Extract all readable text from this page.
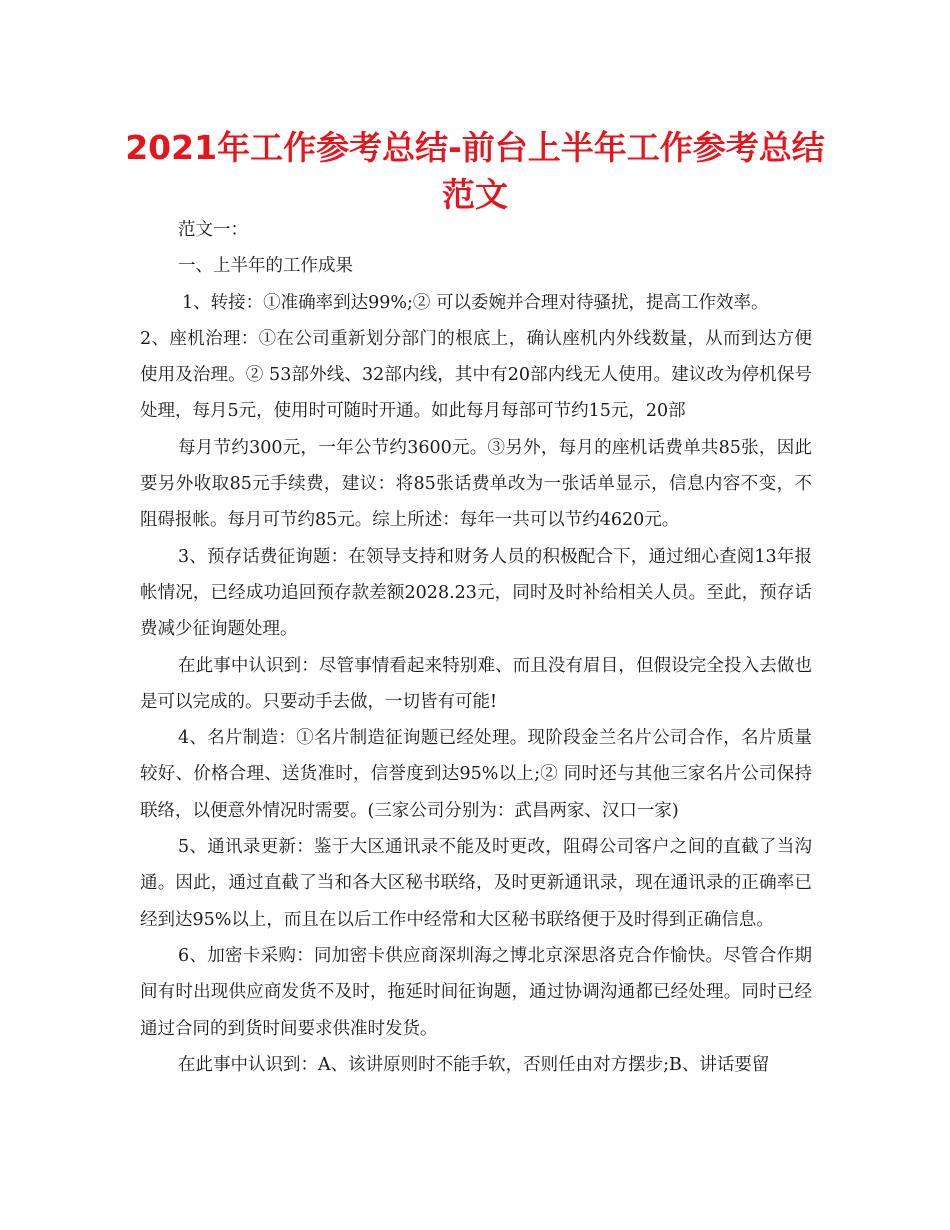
2021年工作参考总结-前台上半年工作参考总结
范文

范文一：

一、上半年的工作成果

1、转接：①准确率到达99%;② 可以委婉并合理对待骚扰，提高工作效率。

2、座机治理：①在公司重新划分部门的根底上，确认座机内外线数量，从而到达方便使用及治理。② 53部外线、32部内线，其中有20部内线无人使用。建议改为停机保号处理，每月5元，使用时可随时开通。如此每月每部可节约15元，20部

每月节约300元，一年公节约3600元。③另外，每月的座机话费单共85张，因此要另外收取85元手续费，建议：将85张话费单改为一张话单显示，信息内容不变，不阻碍报帐。每月可节约85元。综上所述：每年一共可以节约4620元。

3、预存话费征询题：在领导支持和财务人员的积极配合下，通过细心查阅13年报帐情况，已经成功追回预存款差额2028.23元，同时及时补给相关人员。至此，预存话费减少征询题处理。

在此事中认识到：尽管事情看起来特别难、而且没有眉目，但假设完全投入去做也是可以完成的。只要动手去做，一切皆有可能!

4、名片制造：①名片制造征询题已经处理。现阶段金兰名片公司合作，名片质量较好、价格合理、送货准时，信誉度到达95%以上;② 同时还与其他三家名片公司保持联络，以便意外情况时需要。(三家公司分别为：武昌两家、汉口一家)

5、通讯录更新：鉴于大区通讯录不能及时更改，阻碍公司客户之间的直截了当沟通。因此，通过直截了当和各大区秘书联络，及时更新通讯录，现在通讯录的正确率已经到达95%以上，而且在以后工作中经常和大区秘书联络便于及时得到正确信息。

6、加密卡采购：同加密卡供应商深圳海之博北京深思洛克合作愉快。尽管合作期间有时出现供应商发货不及时，拖延时间征询题，通过协调沟通都已经处理。同时已经通过合同的到货时间要求供准时发货。

在此事中认识到：A、该讲原则时不能手软，否则任由对方摆步;B、讲话要留
